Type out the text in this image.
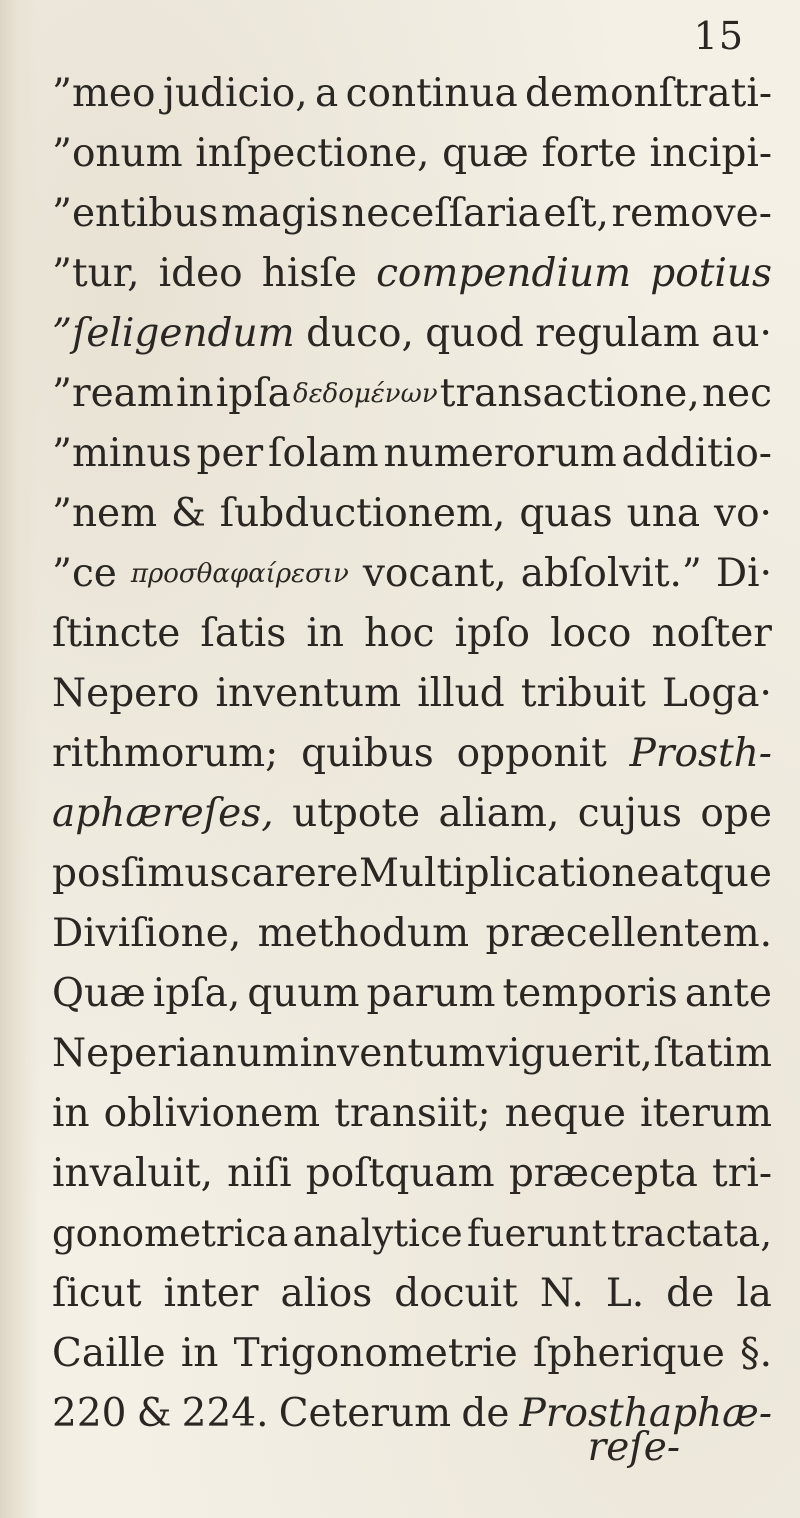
15
”meo judicio, a continua demonſtrati-
”onum inſpectione, quæ forte incipi-
”entibus magis neceſſaria eſt, remove-
”tur, ideo hisſe compendium potius
”ſeligendum duco, quod regulam au·
”ream in ipſa δεδομένων transactione, nec
”minus per ſolam numerorum additio-
”nem & ſubductionem, quas una vo·
”ce προσθαφαίρεσιν vocant, abſolvit.” Di·
ſtincte ſatis in hoc ipſo loco noſter
Nepero inventum illud tribuit Loga·
rithmorum; quibus opponit Prosth-
aphæreſes, utpote aliam, cujus ope
posſimus carere Multiplicatione atque
Diviſione, methodum præcellentem.
Quæ ipſa, quum parum temporis ante
Neperianum inventum viguerit, ſtatim
in oblivionem transiit; neque iterum
invaluit, niſi poſtquam præcepta tri-
gonometrica analytice fuerunt tractata,
ſicut inter alios docuit N. L. de la
Caille in Trigonometrie ſpherique §.
220 & 224. Ceterum de Prosthaphæ-
reſe-
